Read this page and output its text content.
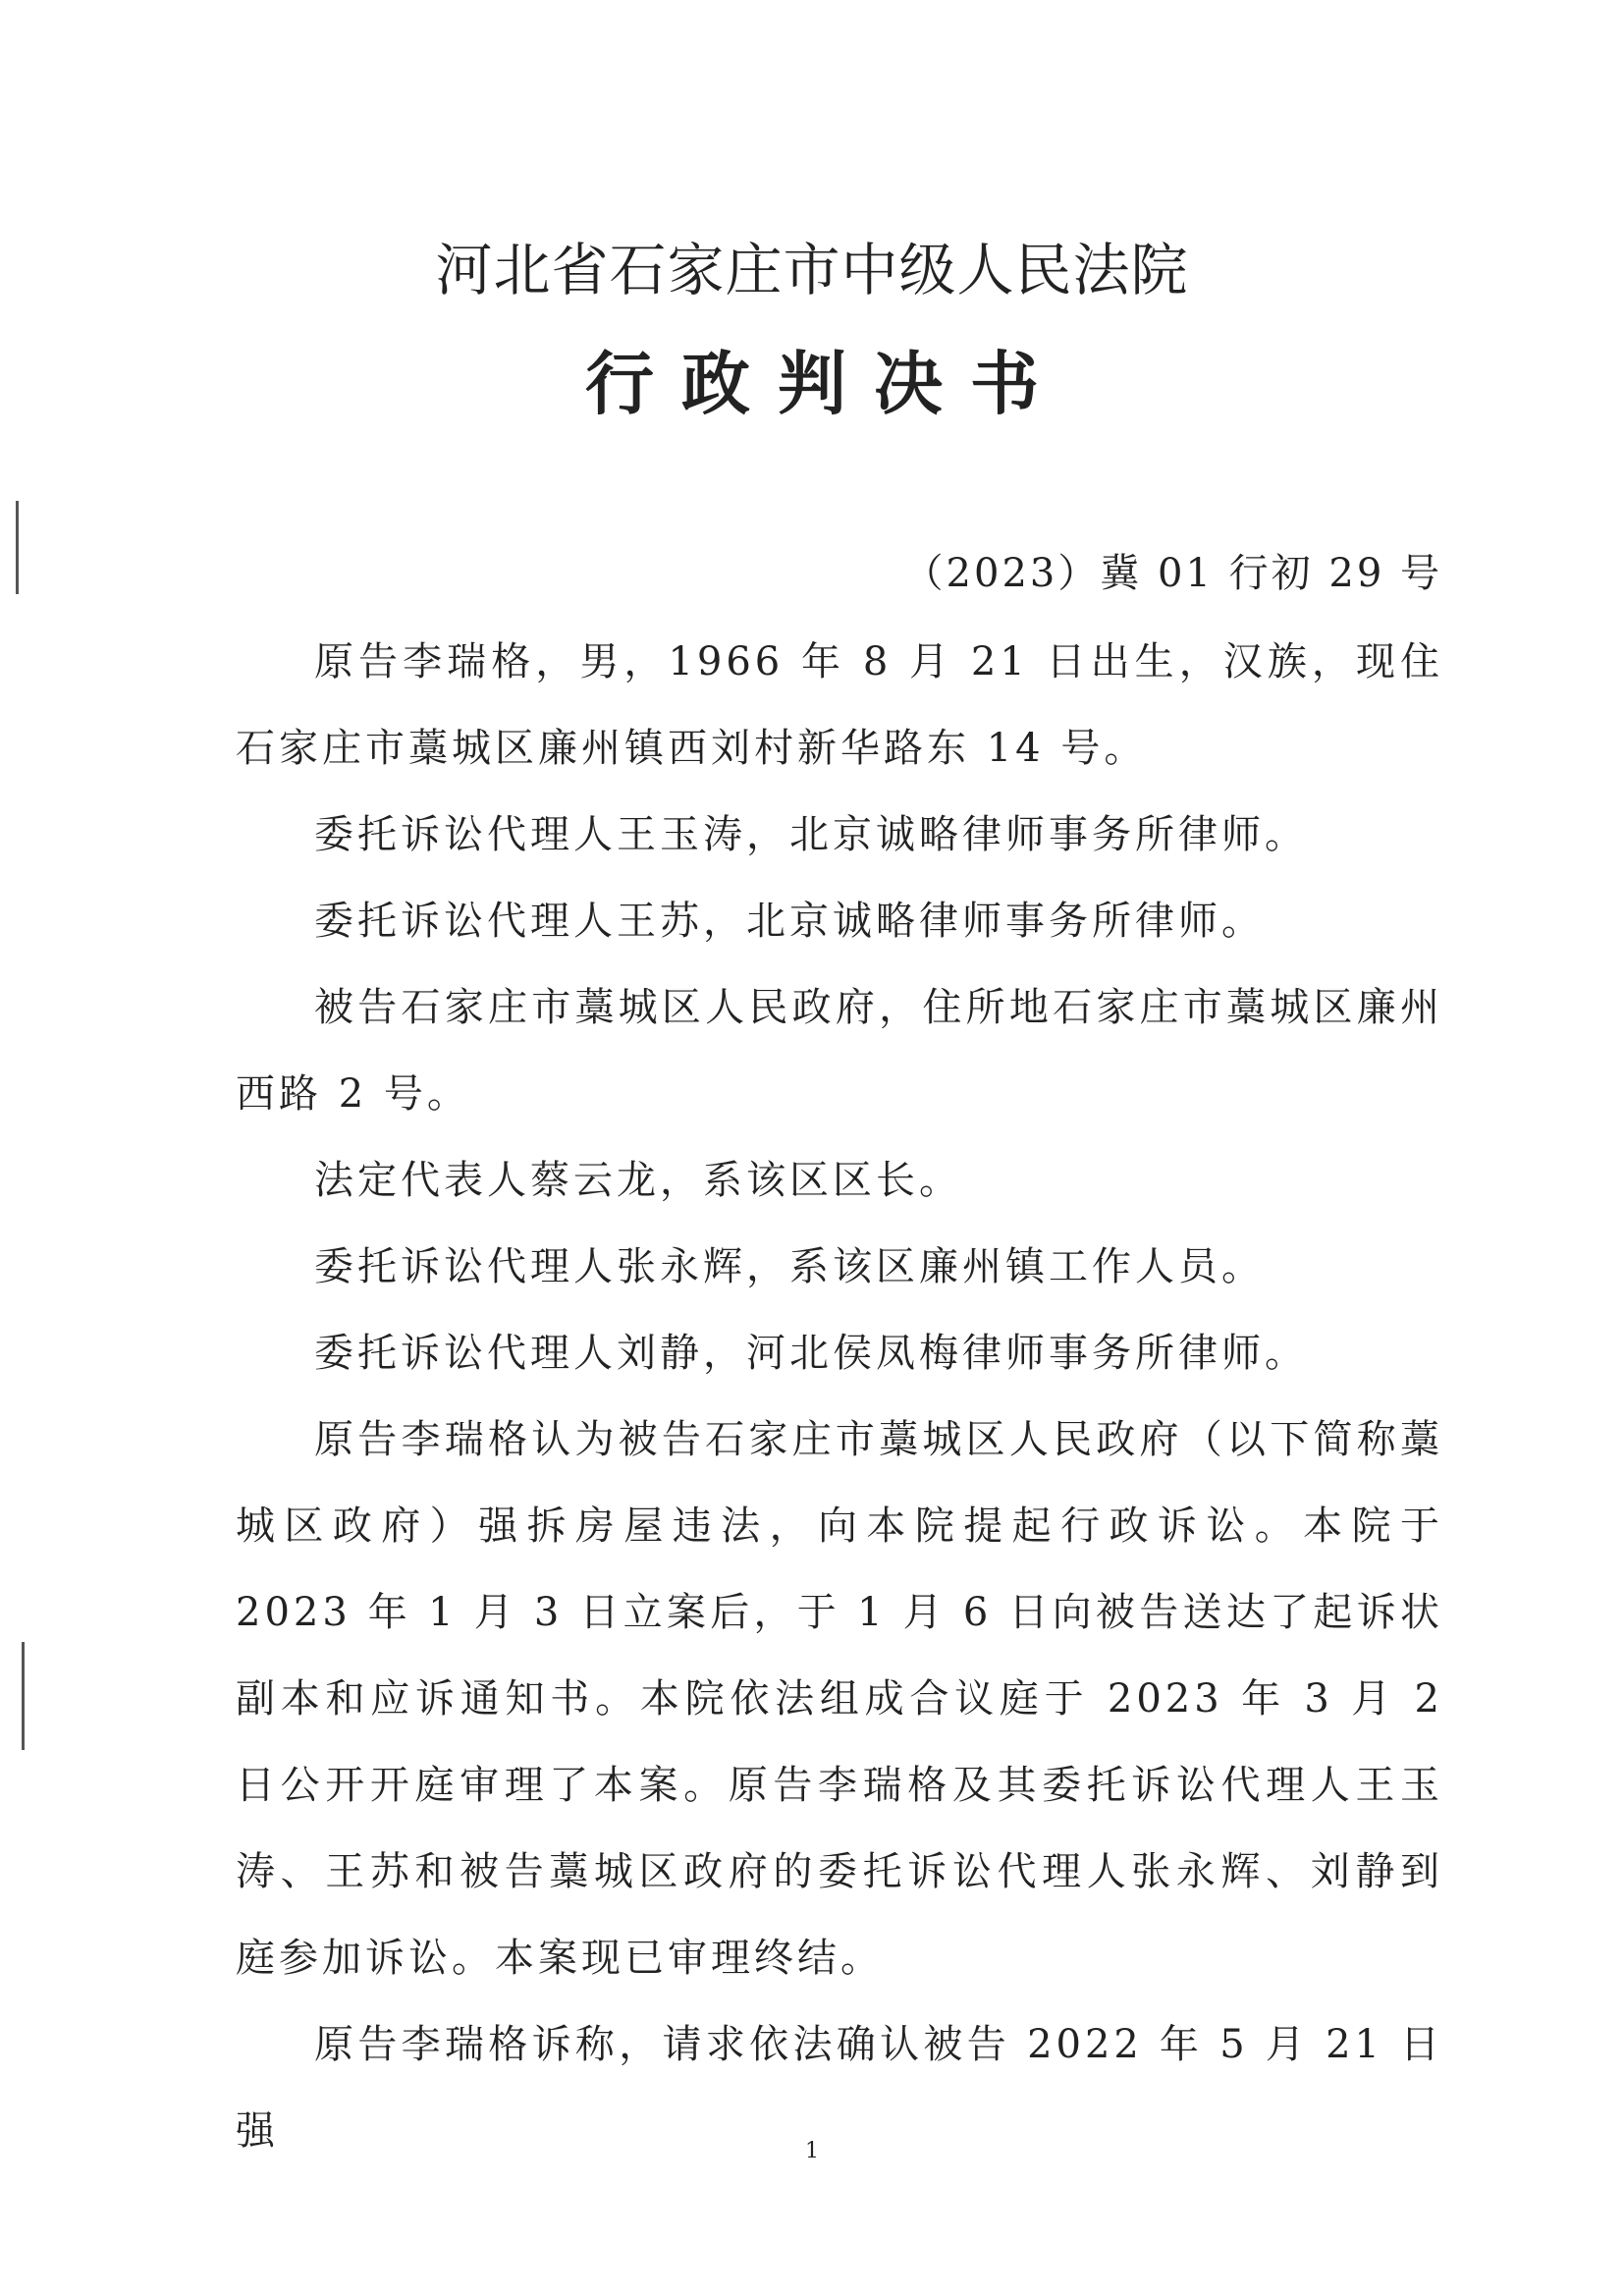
河北省石家庄市中级人民法院
行政判决书
（2023）冀 01 行初 29 号

原告李瑞格，男，1966 年 8 月 21 日出生，汉族，现住石家庄市藁城区廉州镇西刘村新华路东 14 号。

委托诉讼代理人王玉涛，北京诚略律师事务所律师。

委托诉讼代理人王苏，北京诚略律师事务所律师。

被告石家庄市藁城区人民政府，住所地石家庄市藁城区廉州西路 2 号。

法定代表人蔡云龙，系该区区长。

委托诉讼代理人张永辉，系该区廉州镇工作人员。

委托诉讼代理人刘静，河北侯凤梅律师事务所律师。

原告李瑞格认为被告石家庄市藁城区人民政府（以下简称藁城区政府）强拆房屋违法，向本院提起行政诉讼。本院于 2023 年 1 月 3 日立案后，于 1 月 6 日向被告送达了起诉状副本和应诉通知书。本院依法组成合议庭于 2023 年 3 月 2 日公开开庭审理了本案。原告李瑞格及其委托诉讼代理人王玉涛、王苏和被告藁城区政府的委托诉讼代理人张永辉、刘静到庭参加诉讼。本案现已审理终结。

原告李瑞格诉称，请求依法确认被告 2022 年 5 月 21 日强	1
